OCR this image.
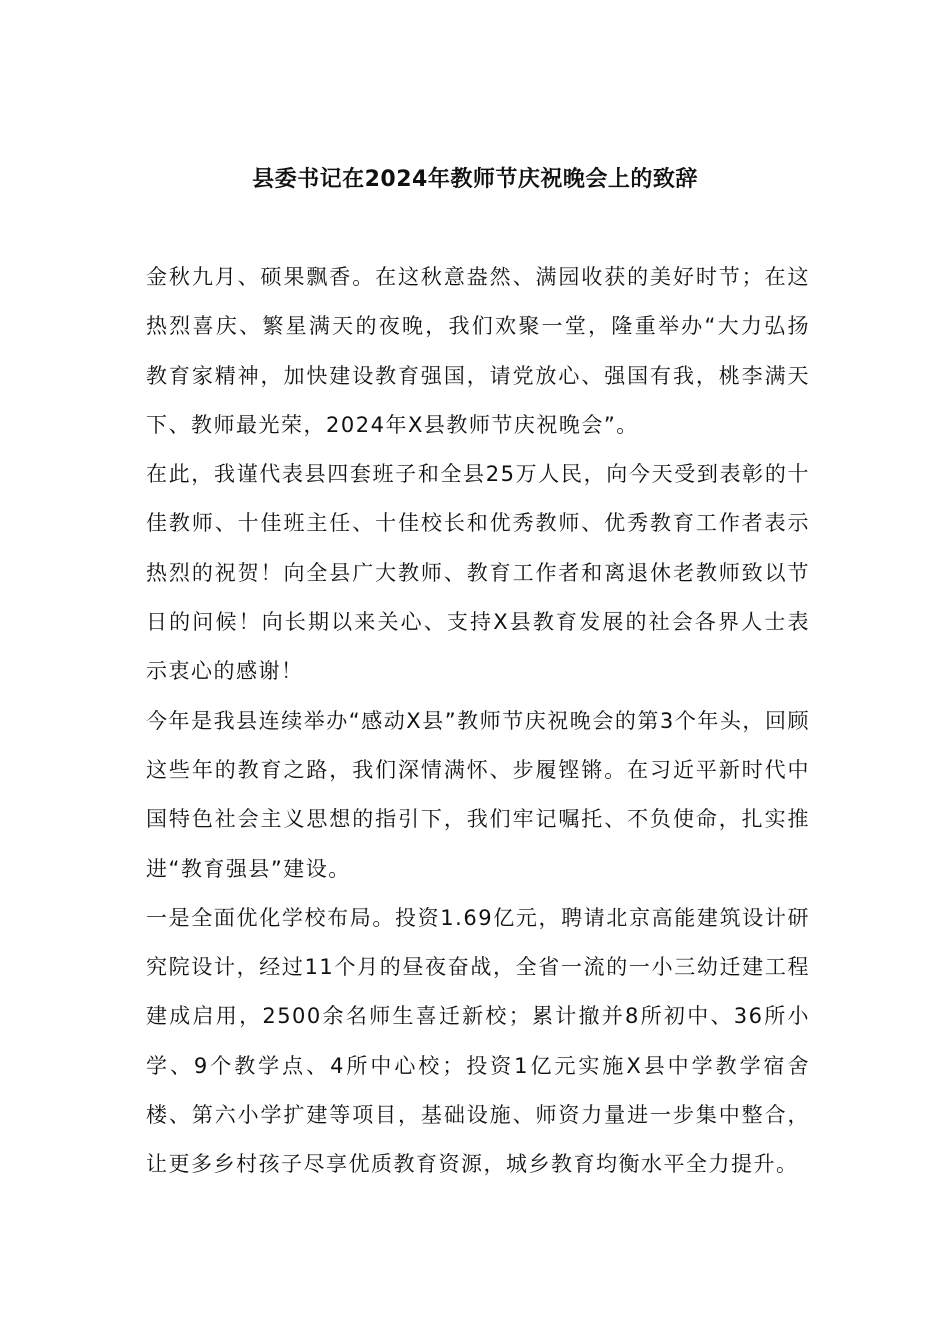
县委书记在2024年教师节庆祝晚会上的致辞

金秋九月、硕果飘香。在这秋意盎然、满园收获的美好时节；在这热烈喜庆、繁星满天的夜晚，我们欢聚一堂，隆重举办“大力弘扬教育家精神，加快建设教育强国，请党放心、强国有我，桃李满天下、教师最光荣，2024年X县教师节庆祝晚会”。

在此，我谨代表县四套班子和全县25万人民，向今天受到表彰的十佳教师、十佳班主任、十佳校长和优秀教师、优秀教育工作者表示热烈的祝贺！向全县广大教师、教育工作者和离退休老教师致以节日的问候！向长期以来关心、支持X县教育发展的社会各界人士表示衷心的感谢！

今年是我县连续举办“感动X县”教师节庆祝晚会的第3个年头，回顾这些年的教育之路，我们深情满怀、步履铿锵。在习近平新时代中国特色社会主义思想的指引下，我们牢记嘱托、不负使命，扎实推进“教育强县”建设。

一是全面优化学校布局。投资1.69亿元，聘请北京高能建筑设计研究院设计，经过11个月的昼夜奋战，全省一流的一小三幼迁建工程建成启用，2500余名师生喜迁新校；累计撤并8所初中、36所小学、9个教学点、4所中心校；投资1亿元实施X县中学教学宿舍楼、第六小学扩建等项目，基础设施、师资力量进一步集中整合，让更多乡村孩子尽享优质教育资源，城乡教育均衡水平全力提升。
